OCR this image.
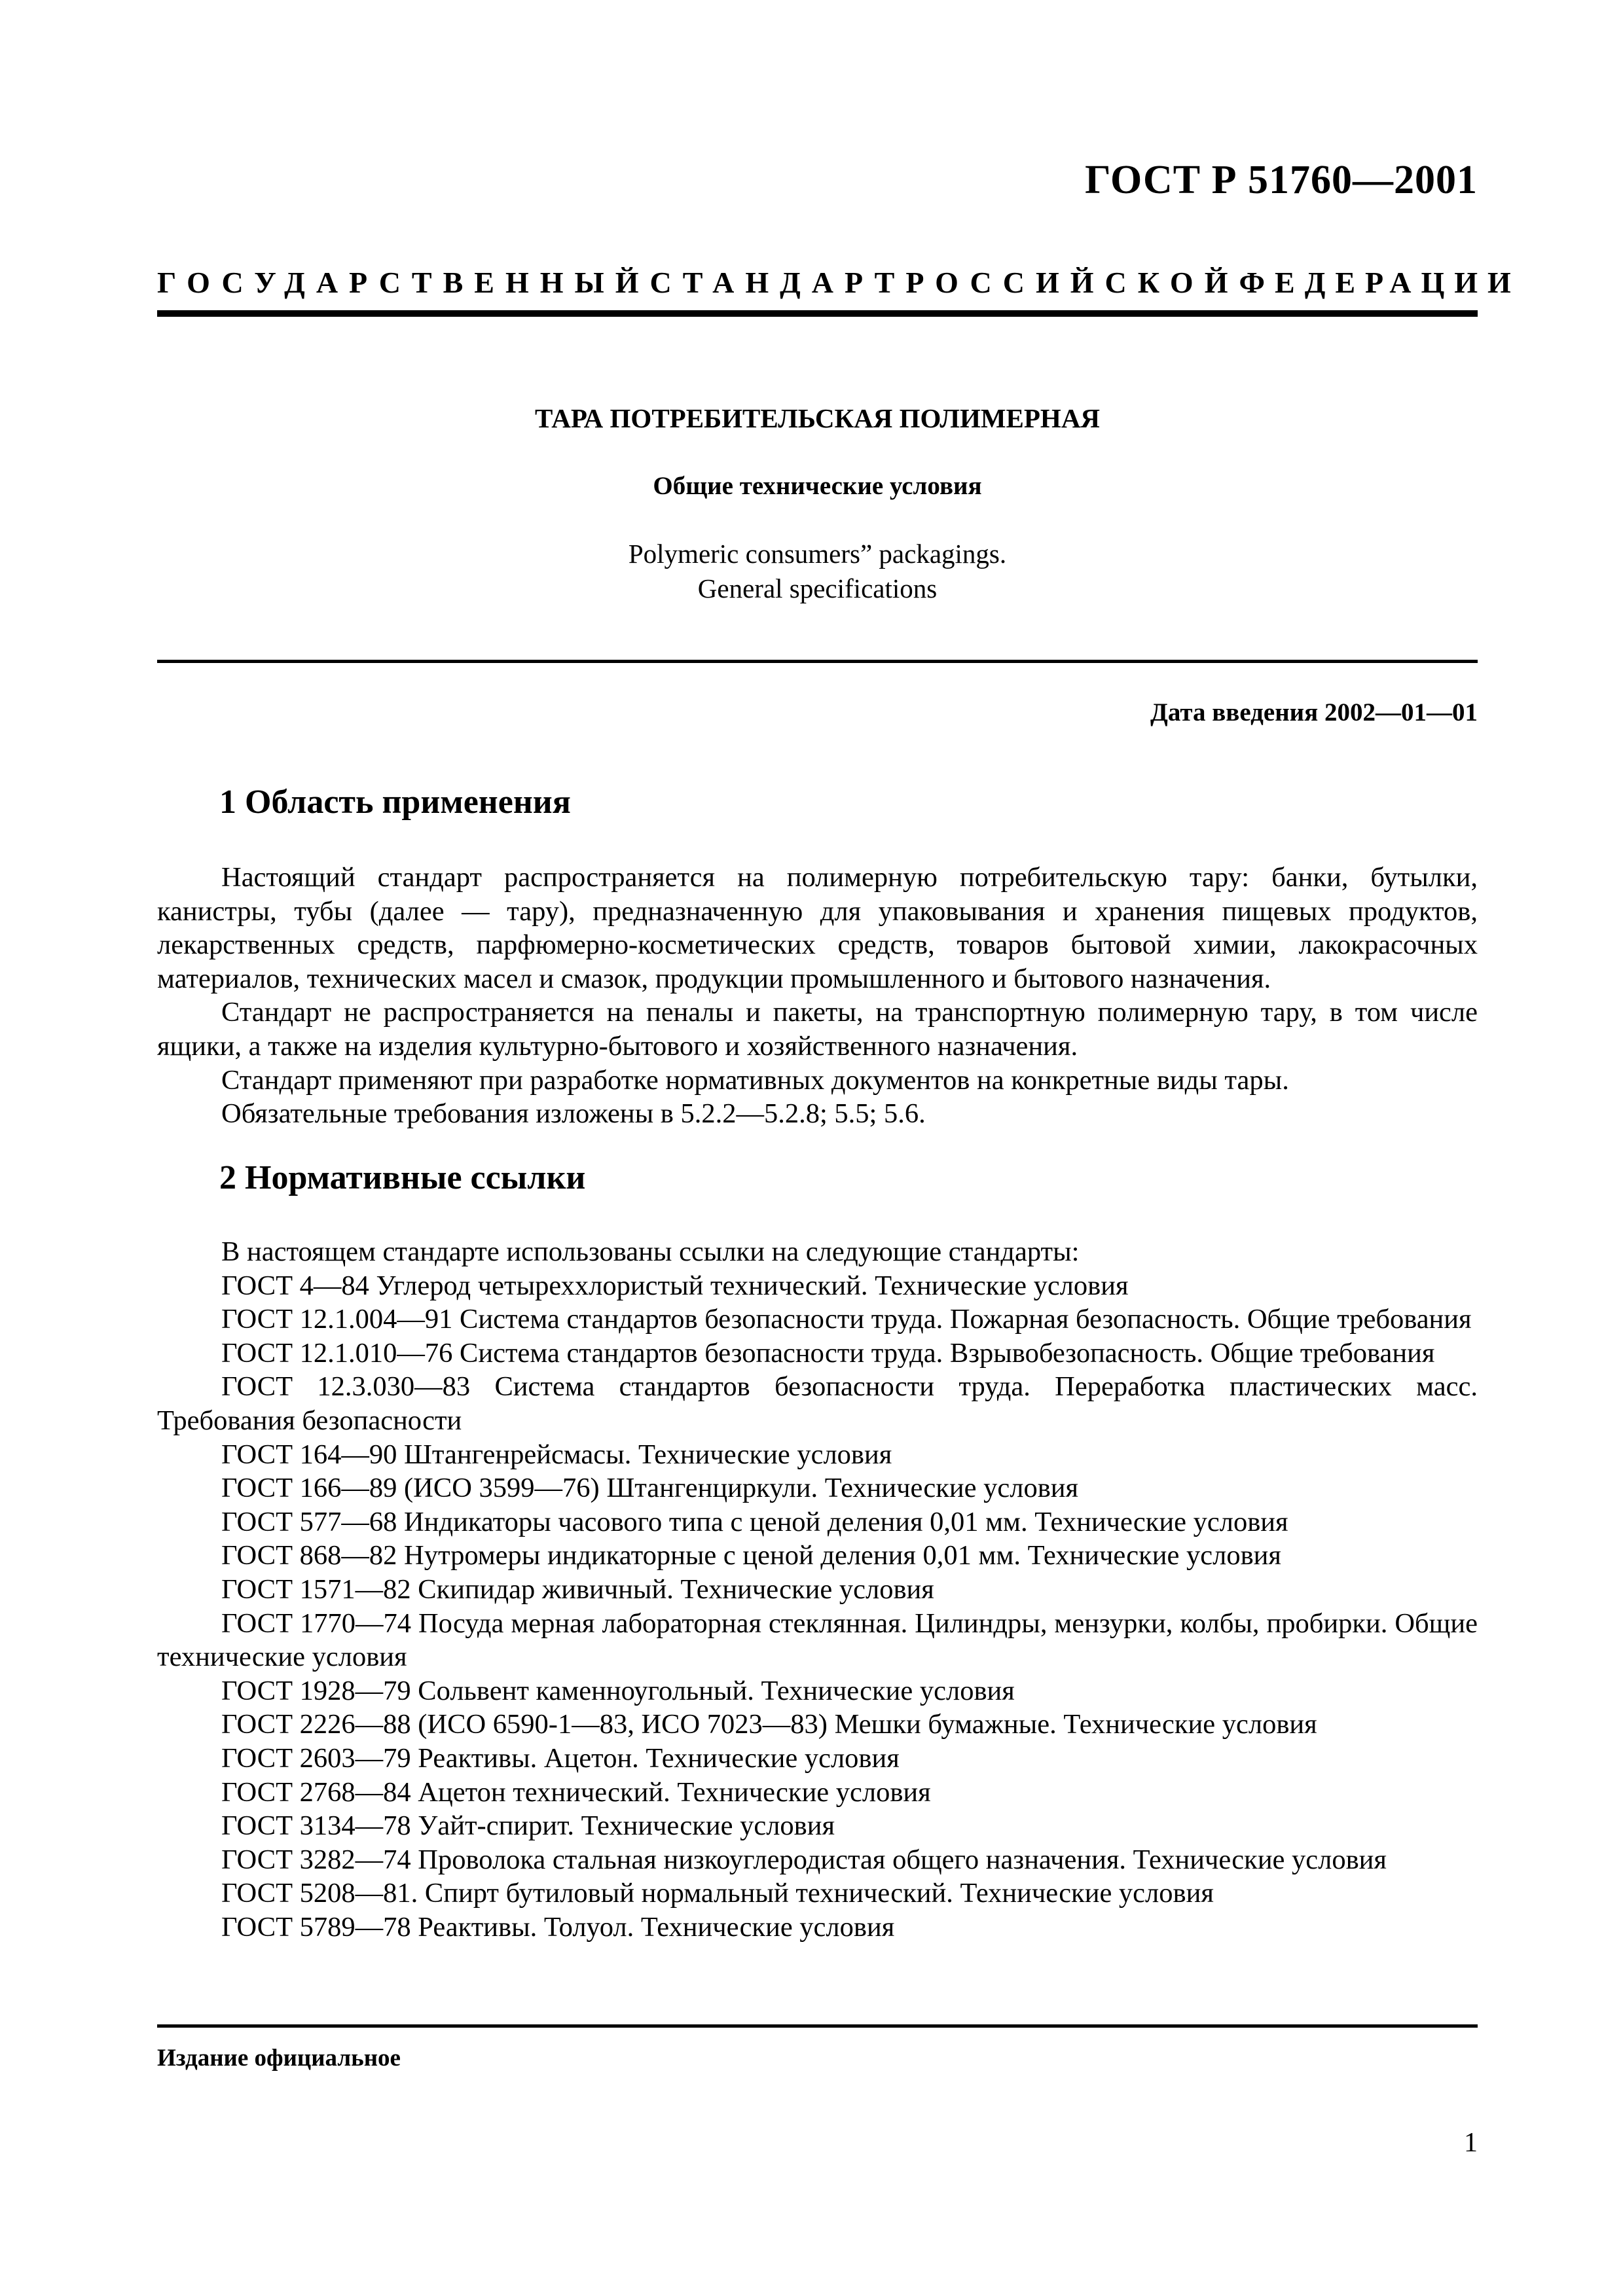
ГОСТ Р 51760—2001
ГОСУДАРСТВЕННЫЙ СТАНДАРТ РОССИЙСКОЙ ФЕДЕРАЦИИ
ТАРА ПОТРЕБИТЕЛЬСКАЯ ПОЛИМЕРНАЯ
Общие технические условия
Polymeric consumersˮ packagings.
General specifications
Дата введения 2002—01—01
1 Область применения

Настоящий стандарт распространяется на полимерную потребительскую тару: банки, бутылки, канистры, тубы (далее — тару), предназначенную для упаковывания и хранения пищевых продуктов, лекарственных средств, парфюмерно-косметических средств, товаров бытовой химии, лакокрасочных материалов, технических масел и смазок, продукции промышленного и бытового назначения.

Стандарт не распространяется на пеналы и пакеты, на транспортную полимерную тару, в том числе ящики, а также на изделия культурно-бытового и хозяйственного назначения.

Стандарт применяют при разработке нормативных документов на конкретные виды тары.

Обязательные требования изложены в 5.2.2—5.2.8; 5.5; 5.6.

2 Нормативные ссылки

В настоящем стандарте использованы ссылки на следующие стандарты:

ГОСТ 4—84 Углерод четыреххлористый технический. Технические условия

ГОСТ 12.1.004—91 Система стандартов безопасности труда. Пожарная безопасность. Общие требования

ГОСТ 12.1.010—76 Система стандартов безопасности труда. Взрывобезопасность. Общие требования

ГОСТ 12.3.030—83 Система стандартов безопасности труда. Переработка пластических масс. Требования безопасности

ГОСТ 164—90 Штангенрейсмасы. Технические условия

ГОСТ 166—89 (ИСО 3599—76) Штангенциркули. Технические условия

ГОСТ 577—68 Индикаторы часового типа с ценой деления 0,01 мм. Технические условия

ГОСТ 868—82 Нутромеры индикаторные с ценой деления 0,01 мм. Технические условия

ГОСТ 1571—82 Скипидар живичный. Технические условия

ГОСТ 1770—74 Посуда мерная лабораторная стеклянная. Цилиндры, мензурки, колбы, пробирки. Общие технические условия

ГОСТ 1928—79 Сольвент каменноугольный. Технические условия

ГОСТ 2226—88 (ИСО 6590-1—83, ИСО 7023—83) Мешки бумажные. Технические условия

ГОСТ 2603—79 Реактивы. Ацетон. Технические условия

ГОСТ 2768—84 Ацетон технический. Технические условия

ГОСТ 3134—78 Уайт-спирит. Технические условия

ГОСТ 3282—74 Проволока стальная низкоуглеродистая общего назначения. Технические условия

ГОСТ 5208—81. Спирт бутиловый нормальный технический. Технические условия

ГОСТ 5789—78 Реактивы. Толуол. Технические условия

Издание официальное
1
